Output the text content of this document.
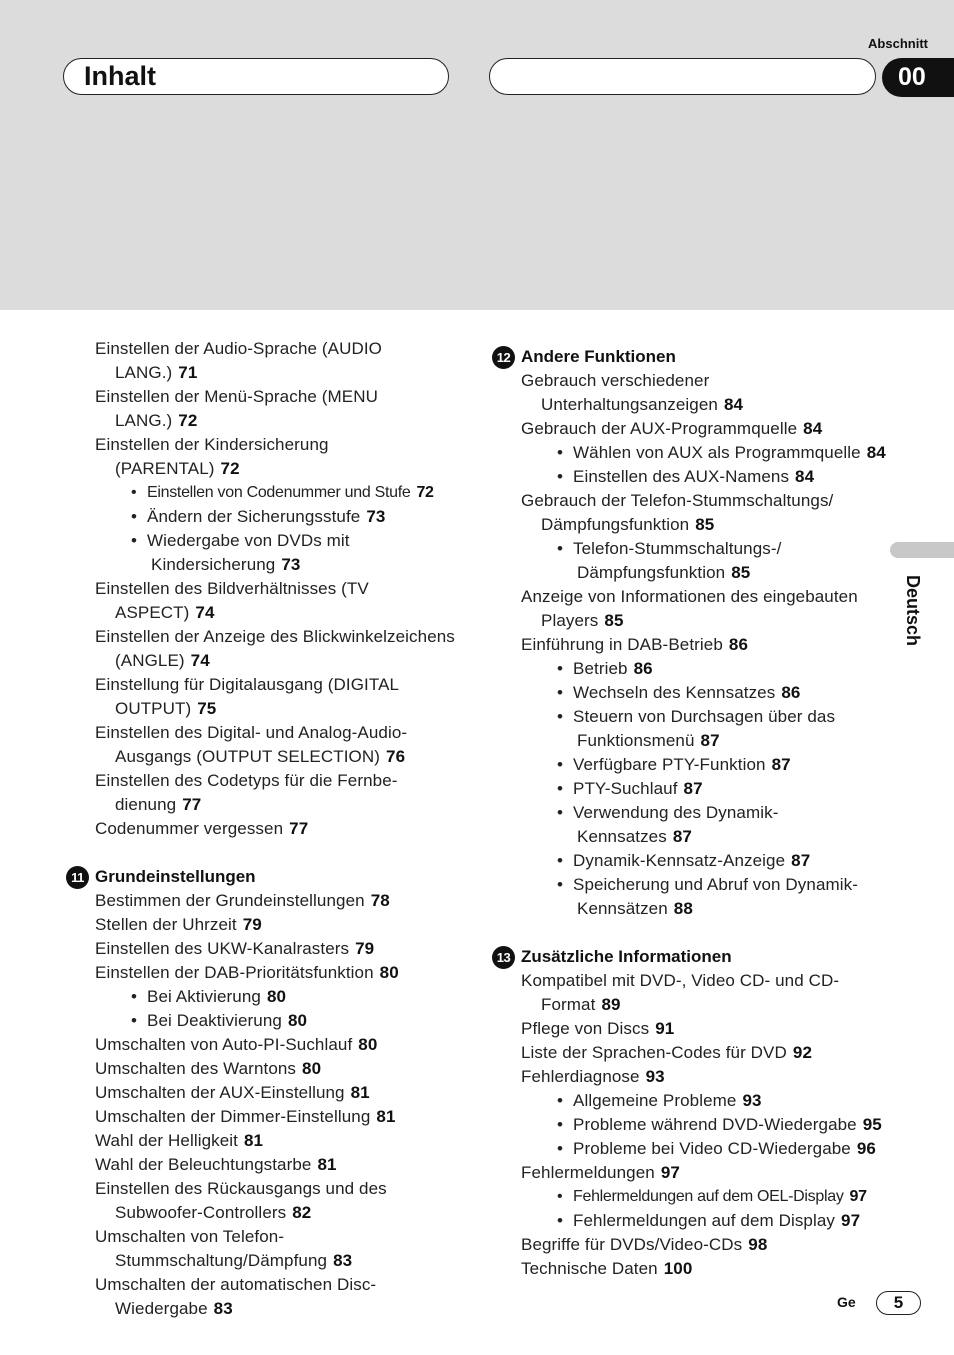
Abschnitt
Inhalt	00
Deutsch
Einstellen der Audio-Sprache (AUDIO LANG.) 71
Einstellen der Menü-Sprache (MENU LANG.) 72
Einstellen der Kindersicherung (PARENTAL) 72
• Einstellen von Codenummer und Stufe 72
• Ändern der Sicherungsstufe 73
• Wiedergabe von DVDs mit Kindersicherung 73
Einstellen des Bildverhältnisses (TV ASPECT) 74
Einstellen der Anzeige des Blickwinkelzeichens (ANGLE) 74
Einstellung für Digitalausgang (DIGITAL OUTPUT) 75
Einstellen des Digital- und Analog-Audio-Ausgangs (OUTPUT SELECTION) 76
Einstellen des Codetyps für die Fernbe-dienung 77
Codenummer vergessen 77
11 Grundeinstellungen
Bestimmen der Grundeinstellungen 78
Stellen der Uhrzeit 79
Einstellen des UKW-Kanalrasters 79
Einstellen der DAB-Prioritätsfunktion 80
• Bei Aktivierung 80
• Bei Deaktivierung 80
Umschalten von Auto-PI-Suchlauf 80
Umschalten des Warntons 80
Umschalten der AUX-Einstellung 81
Umschalten der Dimmer-Einstellung 81
Wahl der Helligkeit 81
Wahl der Beleuchtungstarbe 81
Einstellen des Rückausgangs und des Subwoofer-Controllers 82
Umschalten von Telefon-Stummschaltung/Dämpfung 83
Umschalten der automatischen Disc-Wiedergabe 83
12 Andere Funktionen
Gebrauch verschiedener Unterhaltungsanzeigen 84
Gebrauch der AUX-Programmquelle 84
• Wählen von AUX als Programmquelle 84
• Einstellen des AUX-Namens 84
Gebrauch der Telefon-Stummschaltungs/ Dämpfungsfunktion 85
• Telefon-Stummschaltungs-/ Dämpfungsfunktion 85
Anzeige von Informationen des eingebauten Players 85
Einführung in DAB-Betrieb 86
• Betrieb 86
• Wechseln des Kennsatzes 86
• Steuern von Durchsagen über das Funktionsmenü 87
• Verfügbare PTY-Funktion 87
• PTY-Suchlauf 87
• Verwendung des Dynamik-Kennsatzes 87
• Dynamik-Kennsatz-Anzeige 87
• Speicherung und Abruf von Dynamik-Kennsätzen 88
13 Zusätzliche Informationen
Kompatibel mit DVD-, Video CD- und CD-Format 89
Pflege von Discs 91
Liste der Sprachen-Codes für DVD 92
Fehlerdiagnose 93
• Allgemeine Probleme 93
• Probleme während DVD-Wiedergabe 95
• Probleme bei Video CD-Wiedergabe 96
Fehlermeldungen 97
• Fehlermeldungen auf dem OEL-Display 97
• Fehlermeldungen auf dem Display 97
Begriffe für DVDs/Video-CDs 98
Technische Daten 100
Ge	5
